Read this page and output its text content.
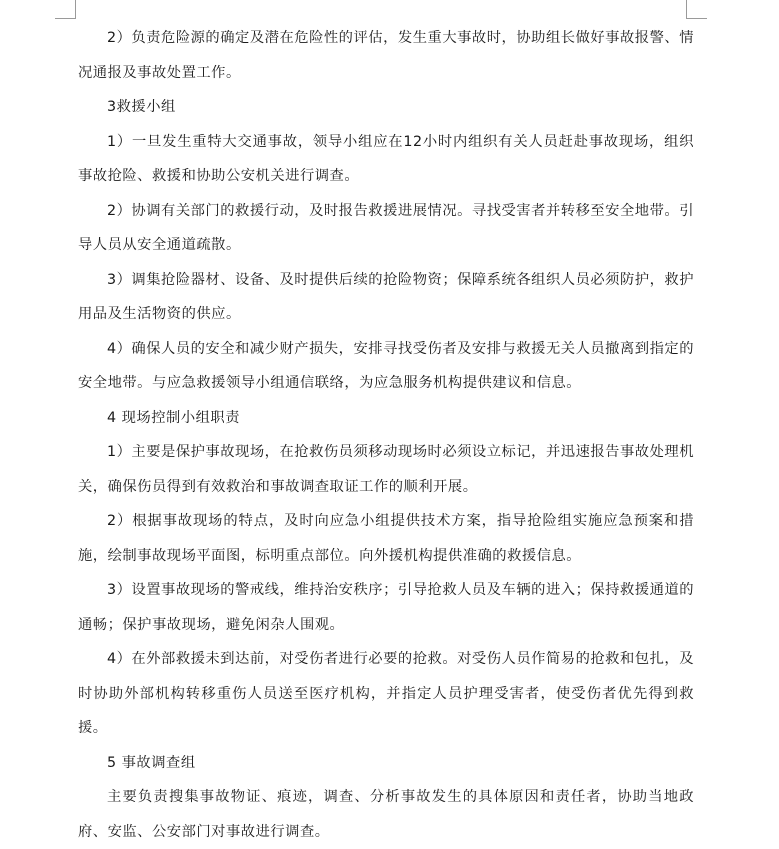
2）负责危险源的确定及潜在危险性的评估，发生重大事故时，协助组长做好事故报警、情况通报及事故处置工作。

3救援小组

1）一旦发生重特大交通事故，领导小组应在12小时内组织有关人员赶赴事故现场，组织事故抢险、救援和协助公安机关进行调查。

2）协调有关部门的救援行动，及时报告救援进展情况。寻找受害者并转移至安全地带。引导人员从安全通道疏散。

3）调集抢险器材、设备、及时提供后续的抢险物资；保障系统各组织人员必须防护，救护用品及生活物资的供应。

4）确保人员的安全和减少财产损失，安排寻找受伤者及安排与救援无关人员撤离到指定的安全地带。与应急救援领导小组通信联络，为应急服务机构提供建议和信息。

4 现场控制小组职责

1）主要是保护事故现场，在抢救伤员须移动现场时必须设立标记，并迅速报告事故处理机关，确保伤员得到有效救治和事故调查取证工作的顺利开展。

2）根据事故现场的特点，及时向应急小组提供技术方案，指导抢险组实施应急预案和措施，绘制事故现场平面图，标明重点部位。向外援机构提供准确的救援信息。

3）设置事故现场的警戒线，维持治安秩序；引导抢救人员及车辆的进入；保持救援通道的通畅；保护事故现场，避免闲杂人围观。

4）在外部救援未到达前，对受伤者进行必要的抢救。对受伤人员作简易的抢救和包扎，及时协助外部机构转移重伤人员送至医疗机构，并指定人员护理受害者，使受伤者优先得到救援。

5 事故调查组

主要负责搜集事故物证、痕迹，调查、分析事故发生的具体原因和责任者，协助当地政府、安监、公安部门对事故进行调查。
